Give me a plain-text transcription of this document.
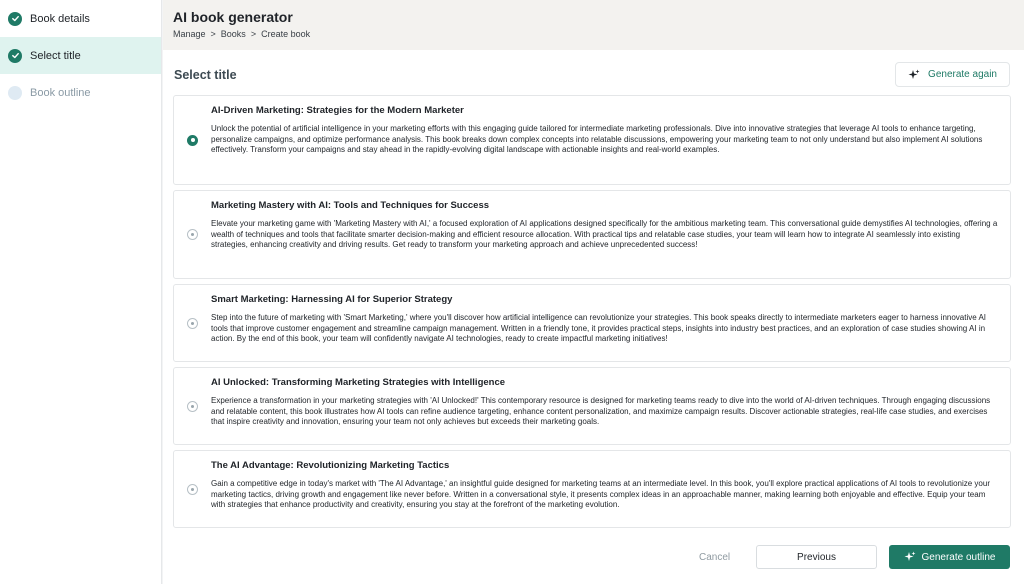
Book details
Select title
Book outline
AI book generator
Manage > Books > Create book
Select title	Generate again
AI-Driven Marketing: Strategies for the Modern Marketer
Unlock the potential of artificial intelligence in your marketing efforts with this engaging guide tailored for intermediate marketing professionals. Dive into innovative strategies that leverage AI tools to enhance targeting, personalize campaigns, and optimize performance analysis. This book breaks down complex concepts into relatable discussions, empowering your marketing team to not only understand but also implement AI solutions effectively. Transform your campaigns and stay ahead in the rapidly-evolving digital landscape with actionable insights and real-world examples.
Marketing Mastery with AI: Tools and Techniques for Success
Elevate your marketing game with 'Marketing Mastery with AI,' a focused exploration of AI applications designed specifically for the ambitious marketing team. This conversational guide demystifies AI technologies, offering a wealth of techniques and tools that facilitate smarter decision-making and efficient resource allocation. With practical tips and relatable case studies, your team will learn how to integrate AI seamlessly into existing strategies, enhancing creativity and driving results. Get ready to transform your marketing approach and achieve unprecedented success!
Smart Marketing: Harnessing AI for Superior Strategy
Step into the future of marketing with 'Smart Marketing,' where you'll discover how artificial intelligence can revolutionize your strategies. This book speaks directly to intermediate marketers eager to harness innovative AI tools that improve customer engagement and streamline campaign management. Written in a friendly tone, it provides practical steps, insights into industry best practices, and an exploration of case studies showing AI in action. By the end of this book, your team will confidently navigate AI technologies, ready to create impactful marketing initiatives!
AI Unlocked: Transforming Marketing Strategies with Intelligence
Experience a transformation in your marketing strategies with 'AI Unlocked!' This contemporary resource is designed for marketing teams ready to dive into the world of AI-driven techniques. Through engaging discussions and relatable content, this book illustrates how AI tools can refine audience targeting, enhance content personalization, and maximize campaign results. Discover actionable strategies, real-life case studies, and exercises that inspire creativity and innovation, ensuring your team not only achieves but exceeds their marketing goals.
The AI Advantage: Revolutionizing Marketing Tactics
Gain a competitive edge in today's market with 'The AI Advantage,' an insightful guide designed for marketing teams at an intermediate level. In this book, you'll explore practical applications of AI tools to revolutionize your marketing tactics, driving growth and engagement like never before. Written in a conversational style, it presents complex ideas in an approachable manner, making learning both enjoyable and effective. Equip your team with strategies that enhance productivity and creativity, ensuring you stay at the forefront of the marketing evolution.
Cancel	Previous	Generate outline
